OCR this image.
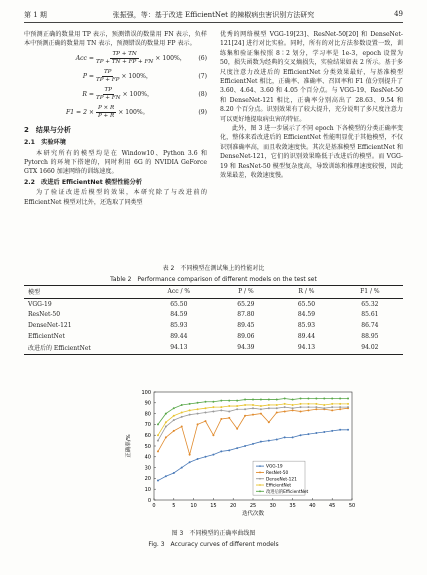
第 1 期	张振强，等：基于改进 EfficientNet 的辣椒病虫害识别方法研究	49

中预测正确的数量用 TP 表示，预测错误的数量用 FN 表示，负样本中预测正确的数量用 TN 表示，预测错误的数量用 FP 表示。

Acc = $\frac{TP + TN}{TP + TN + FP + FN} \times 100\%$， (6)
$P = \frac{TP}{TP + FP} \times 100\%$，	(7)
$R = \frac{TP}{TP + FN} \times 100\%$，	(8)
$F1 = 2 \times \frac{P \times R}{P + R} \times 100\%$。	(9)
2　结果与分析
2.1　实验环境

本研究所有的模型均是在 Window10、Python 3.6 和 Pytorch 的环境下搭建的，同时利用 6G 的 NVIDIA GeForce GTX 1660 加速网络的训练速度。

2.2　改进后 EfficientNet 模型性能分析

为了验证改进后模型的效果，本研究除了与改进前的 EfficientNet 模型对比外，还选取了同类型

优秀的网络模型 VGG-19[23]、ResNet-50[20] 和 DenseNet-121[24] 进行对比实验。同时，所有的对比方法参数设置一致，训练集和验证集按照 8∶2 划分，学习率是 1e-3，epoch 设置为 50，损失函数为经典的交叉熵损失，实验结果如表 2 所示。基于多尺度注意力改进后的 EfficientNet 分类效果最好，与基准模型 EfficientNet 相比，正确率、准确率、召回率和 F1 值分别提升了 3.60、4.64、3.60 和 4.05 个百分点。与 VGG-19、ResNet-50 和 DenseNet-121 相比，正确率分别高出了 28.63、9.54 和 8.20 个百分点。识别效果有了较大提升，充分说明了多尺度注意力可以更好地提取病虫害的特征。

此外，图 3 进一步展示了不同 epoch 下各模型的分类正确率变化，整体来看改进后的 EfficientNet 性能明显优于其他模型，不仅识别准确率高，而且收敛速度快。其次是基准模型 EfficientNet 和 DenseNet-121，它们的识别效果略低于改进后的模型。而 VGG-19 和 ResNet-50 模型复杂度高，导致训练和推理速度较慢，因此效果最差，收敛速度慢。

表 2　不同模型在测试集上的性能对比
Table 2　Performance comparison of different models on the test set
模型	Acc / %	P / %	R / %	F1 / %
VGG-19	65.50	65.29	65.50	65.32
ResNet-50	84.59	87.80	84.59	85.61
DenseNet-121	85.93	89.45	85.93	86.74
EfficientNet	89.44	89.06	89.44	88.95
改进后的 EfficientNet	94.13	94.39	94.13	94.02
0
10
20
30
40
50
60
70
80
90
100
0	5	10	15	20	25	30	35	40	45	50
迭代次数
正确率/%
VGG-19
ResNet-50
DenseNet-121
EfficientNet
改进后的EfficientNet
图 3　不同模型的正确率曲线图
Fig. 3　Accuracy curves of different models
